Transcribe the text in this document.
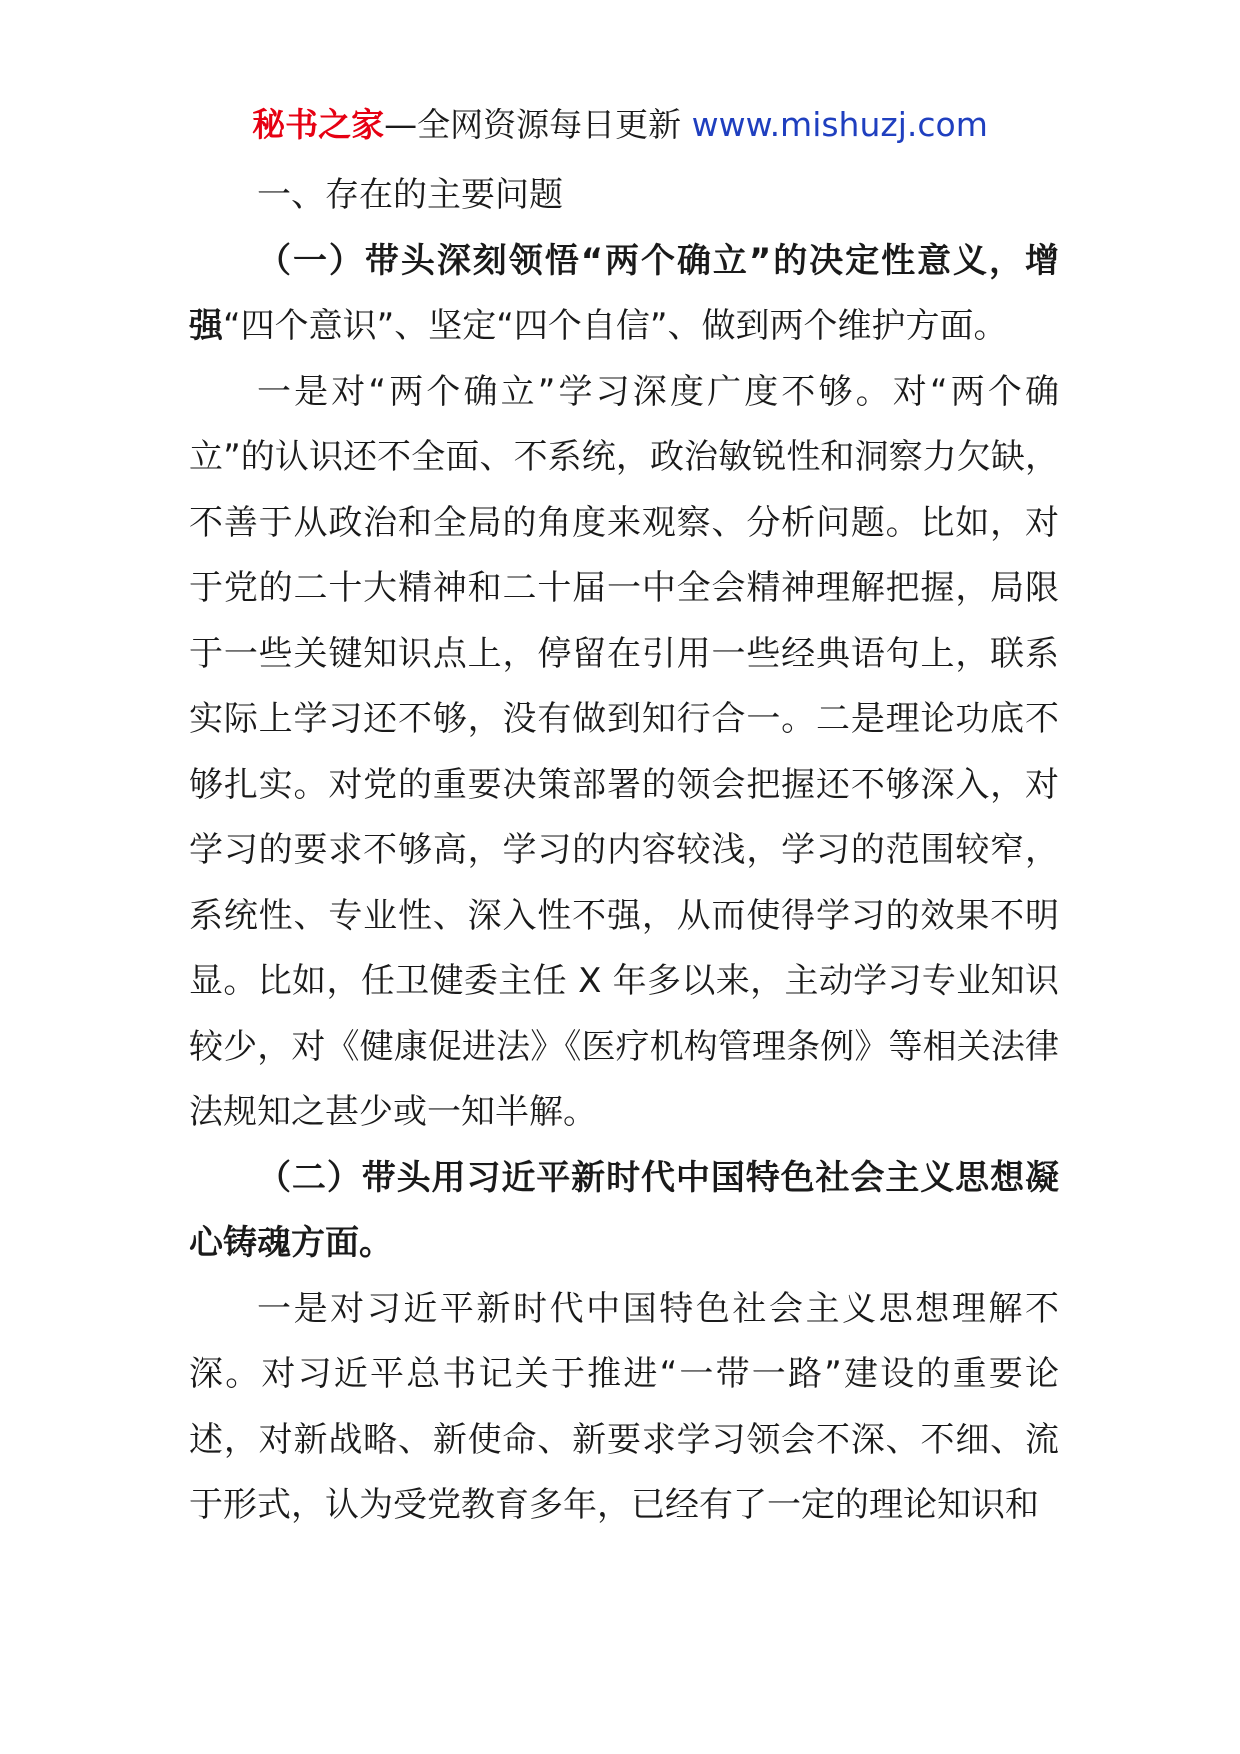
秘书之家—全网资源每日更新 www.mishuzj.com

一、存在的主要问题

（一）带头深刻领悟“两个确立”的决定性意义，增强“四个意识”、坚定“四个自信”、做到两个维护方面。

一是对“两个确立”学习深度广度不够。对“两个确立”的认识还不全面、不系统，政治敏锐性和洞察力欠缺，不善于从政治和全局的角度来观察、分析问题。比如，对于党的二十大精神和二十届一中全会精神理解把握，局限于一些关键知识点上，停留在引用一些经典语句上，联系实际上学习还不够，没有做到知行合一。二是理论功底不够扎实。对党的重要决策部署的领会把握还不够深入，对学习的要求不够高，学习的内容较浅，学习的范围较窄，系统性、专业性、深入性不强，从而使得学习的效果不明显。比如，任卫健委主任 X 年多以来，主动学习专业知识较少，对《健康促进法》《医疗机构管理条例》等相关法律法规知之甚少或一知半解。

（二）带头用习近平新时代中国特色社会主义思想凝心铸魂方面。

一是对习近平新时代中国特色社会主义思想理解不深。对习近平总书记关于推进“一带一路”建设的重要论述，对新战略、新使命、新要求学习领会不深、不细、流于形式，认为受党教育多年，已经有了一定的理论知识和
